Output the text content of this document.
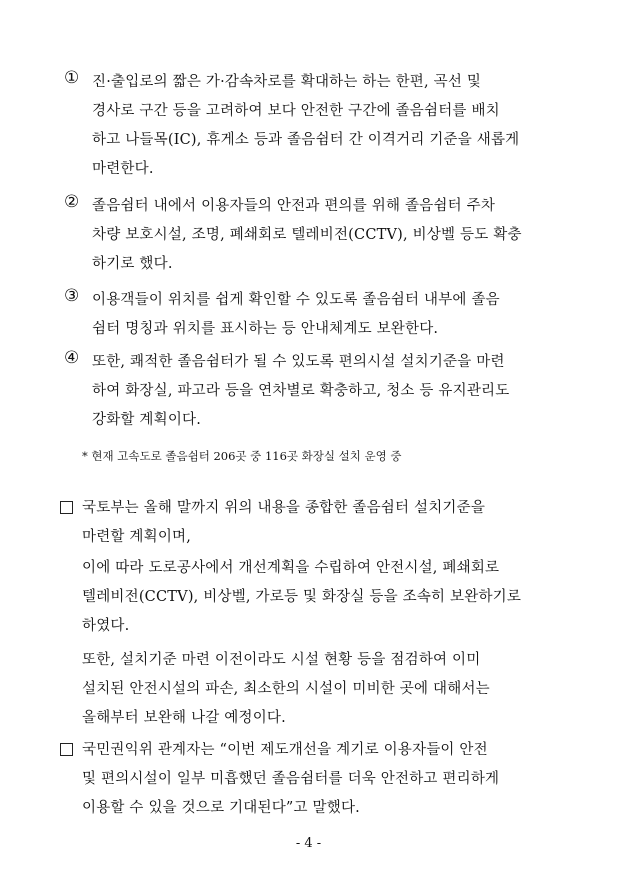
① 진·출입로의 짧은 가·감속차로를 확대하는 하는 한편, 곡선 및
경사로 구간 등을 고려하여 보다 안전한 구간에 졸음쉼터를 배치
하고 나들목(IC), 휴게소 등과 졸음쉼터 간 이격거리 기준을 새롭게
마련한다.
② 졸음쉼터 내에서 이용자들의 안전과 편의를 위해 졸음쉼터 주차
차량 보호시설, 조명, 폐쇄회로 텔레비전(CCTV), 비상벨 등도 확충
하기로 했다.
③ 이용객들이 위치를 쉽게 확인할 수 있도록 졸음쉼터 내부에 졸음
쉼터 명칭과 위치를 표시하는 등 안내체계도 보완한다.
④ 또한, 쾌적한 졸음쉼터가 될 수 있도록 편의시설 설치기준을 마련
하여 화장실, 파고라 등을 연차별로 확충하고, 청소 등 유지관리도
강화할 계획이다.
* 현재 고속도로 졸음쉼터 206곳 중 116곳 화장실 설치 운영 중
국토부는 올해 말까지 위의 내용을 종합한 졸음쉼터 설치기준을
마련할 계획이며,
이에 따라 도로공사에서 개선계획을 수립하여 안전시설, 폐쇄회로
텔레비전(CCTV), 비상벨, 가로등 및 화장실 등을 조속히 보완하기로
하였다.
또한, 설치기준 마련 이전이라도 시설 현황 등을 점검하여 이미
설치된 안전시설의 파손, 최소한의 시설이 미비한 곳에 대해서는
올해부터 보완해 나갈 예정이다.
국민권익위 관계자는 “이번 제도개선을 계기로 이용자들이 안전
및 편의시설이 일부 미흡했던 졸음쉼터를 더욱 안전하고 편리하게
이용할 수 있을 것으로 기대된다”고 말했다.
- 4 -
